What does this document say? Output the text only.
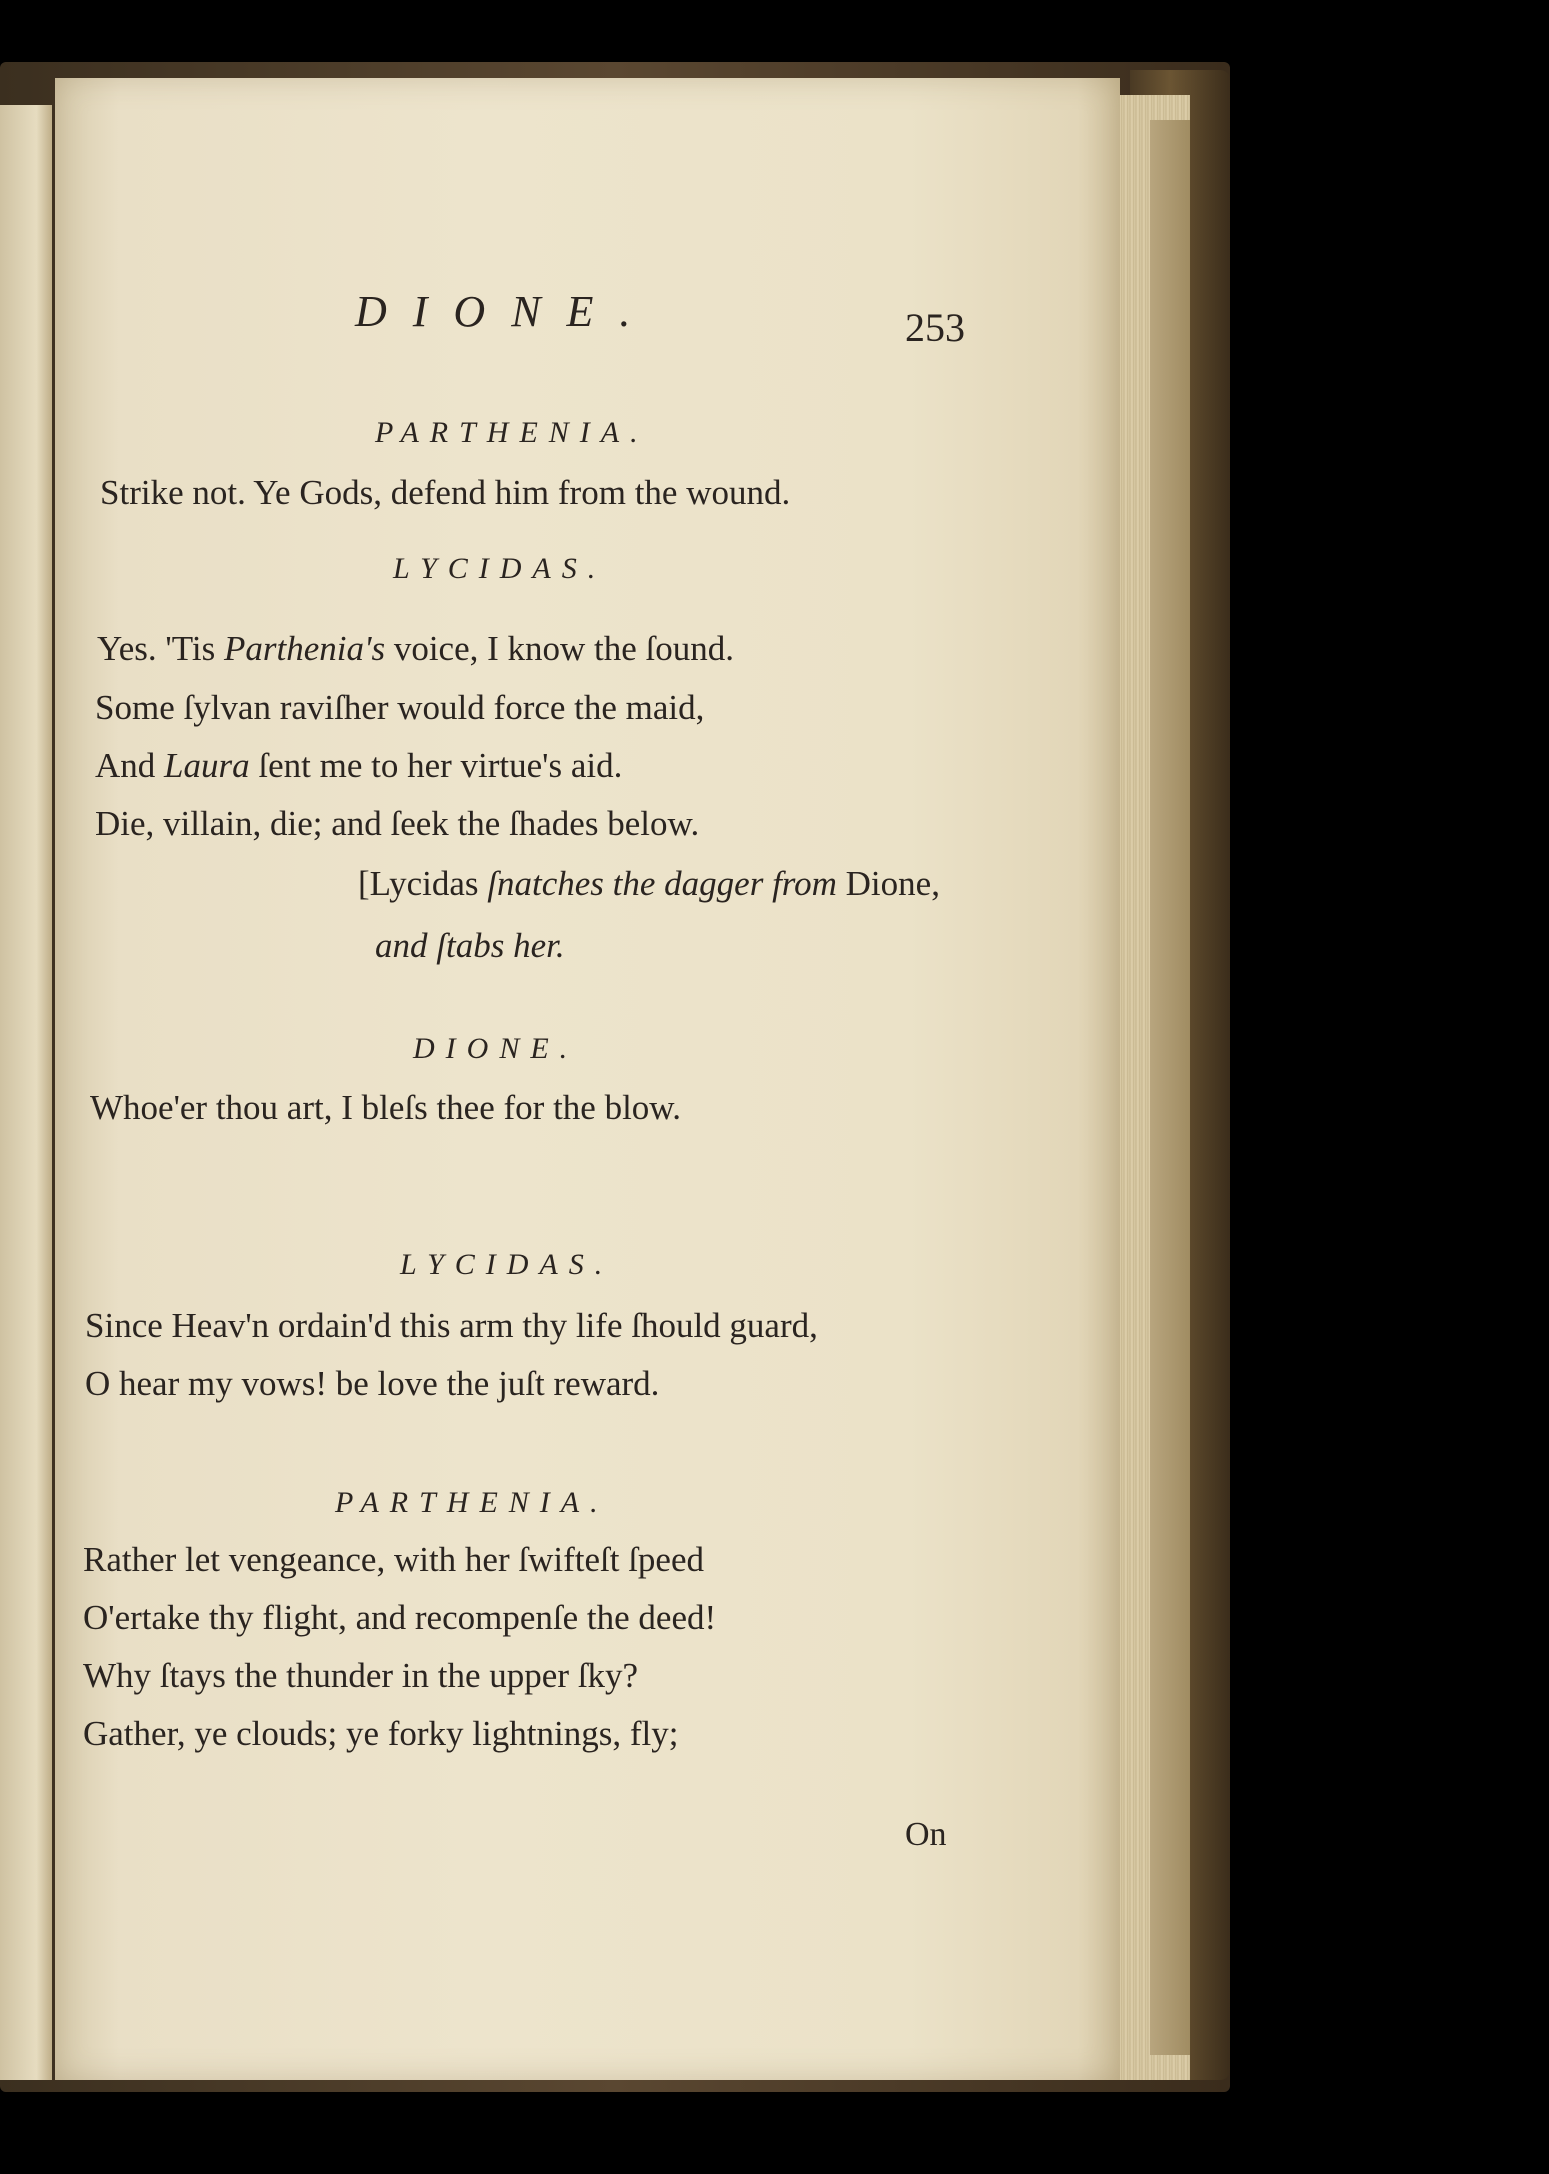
DIONE.	253

PARTHENIA.

Strike not. Ye Gods, defend him from the wound.

LYCIDAS.

Yes. 'Tis Parthenia's voice, I know the ſound.

Some ſylvan raviſher would force the maid,

And Laura ſent me to her virtue's aid.

Die, villain, die; and ſeek the ſhades below.

[Lycidas ſnatches the dagger from Dione,

and ſtabs her.

DIONE.

Whoe'er thou art, I bleſs thee for the blow.

LYCIDAS.

Since Heav'n ordain'd this arm thy life ſhould guard,

O hear my vows! be love the juſt reward.

PARTHENIA.

Rather let vengeance, with her ſwifteſt ſpeed

O'ertake thy flight, and recompenſe the deed!

Why ſtays the thunder in the upper ſky?

Gather, ye clouds; ye forky lightnings, fly;

On
